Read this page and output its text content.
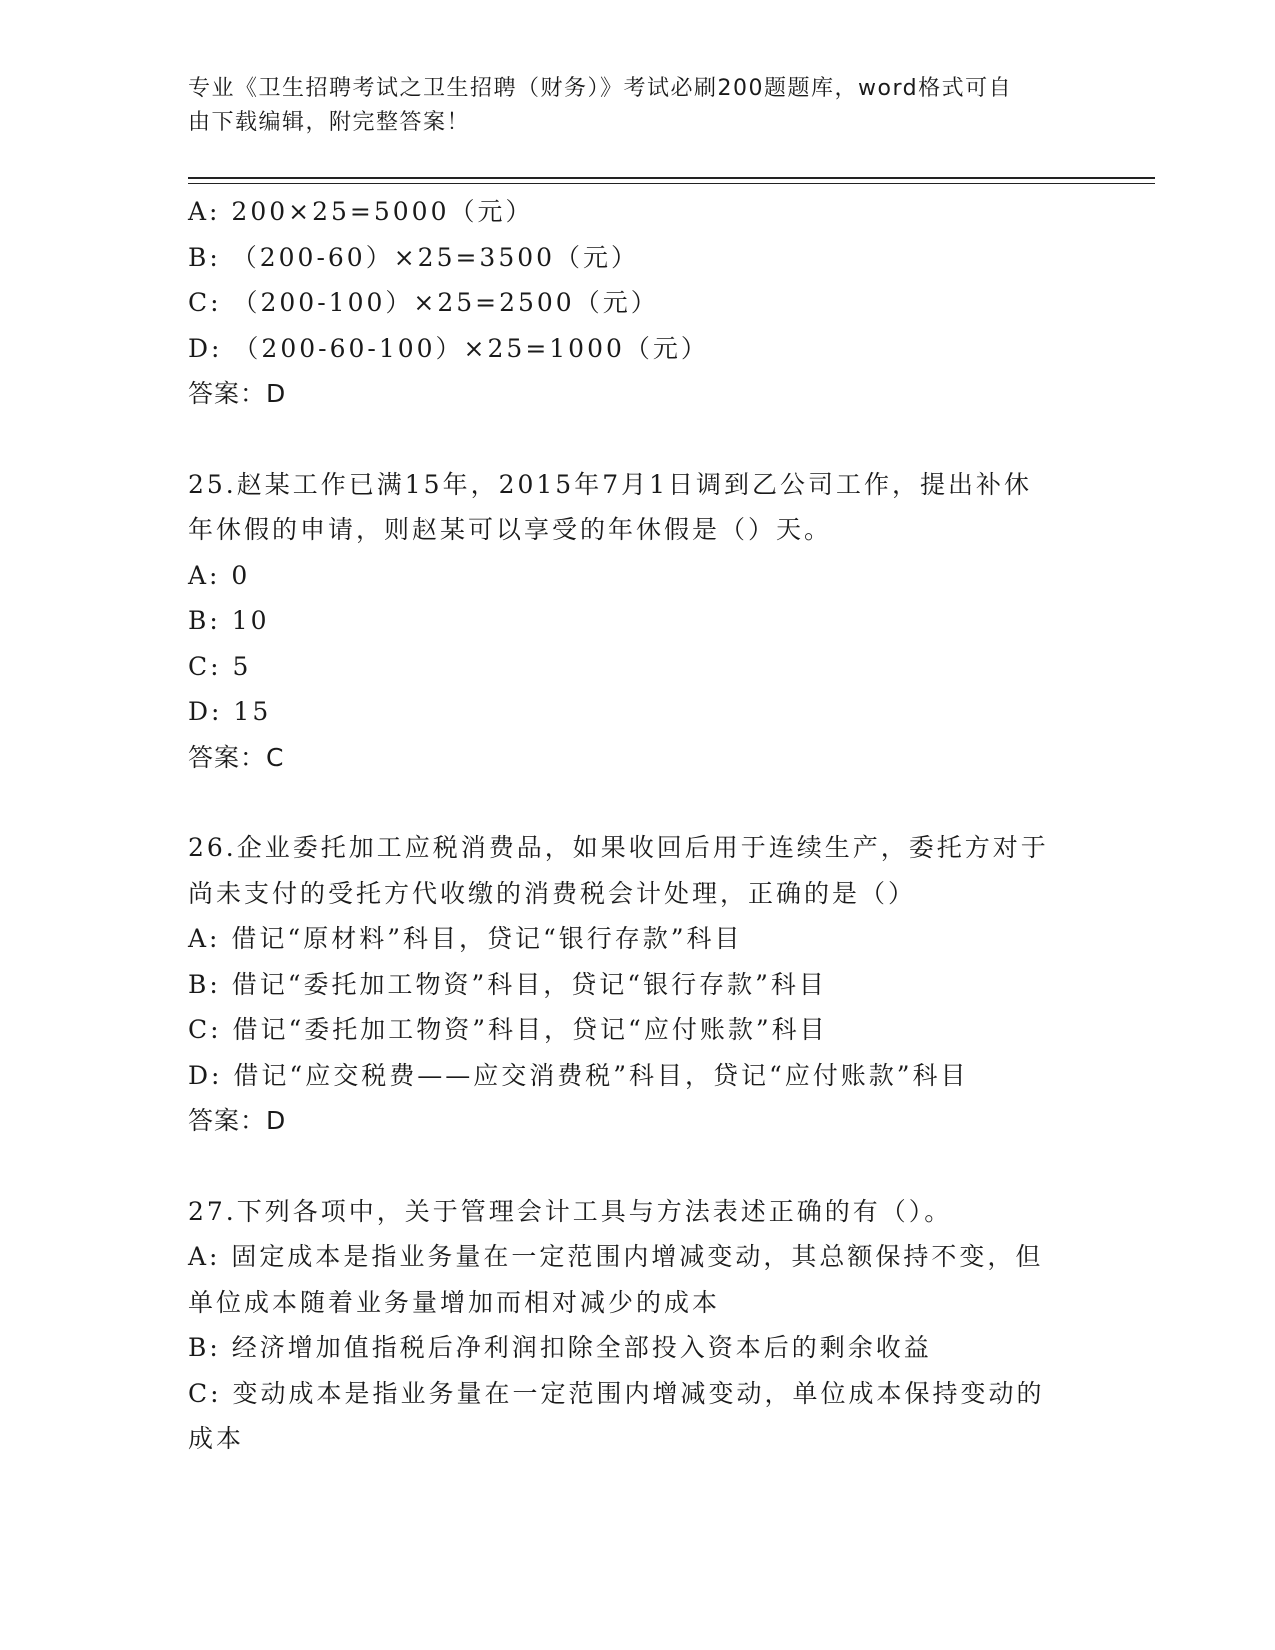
专业《卫生招聘考试之卫生招聘（财务）》考试必刷200题题库，word格式可自
由下载编辑，附完整答案！
A: 200×25=5000（元）
B: （200-60）×25=3500（元）
C: （200-100）×25=2500（元）
D: （200-60-100）×25=1000（元）
答案：D
25.赵某工作已满15年，2015年7月1日调到乙公司工作，提出补休
年休假的申请，则赵某可以享受的年休假是（）天。
A: 0
B: 10
C: 5
D: 15
答案：C
26.企业委托加工应税消费品，如果收回后用于连续生产，委托方对于
尚未支付的受托方代收缴的消费税会计处理，正确的是（）
A: 借记“原材料”科目，贷记“银行存款”科目
B: 借记“委托加工物资”科目，贷记“银行存款”科目
C: 借记“委托加工物资”科目，贷记“应付账款”科目
D: 借记“应交税费——应交消费税”科目，贷记“应付账款”科目
答案：D
27.下列各项中，关于管理会计工具与方法表述正确的有（）。
A: 固定成本是指业务量在一定范围内增减变动，其总额保持不变，但
单位成本随着业务量增加而相对减少的成本
B: 经济增加值指税后净利润扣除全部投入资本后的剩余收益
C: 变动成本是指业务量在一定范围内增减变动，单位成本保持变动的
成本
